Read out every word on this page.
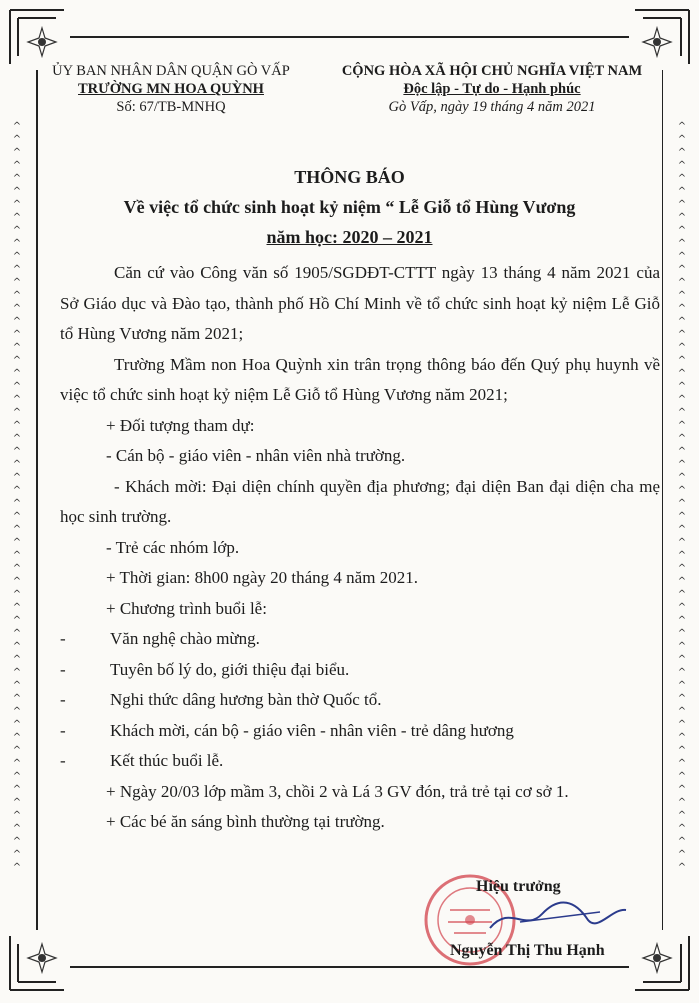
^
^
^
^
^
^
^
^
^
^
^
^
^
^
^
^
^
^
^
^
^
^
^
^
^
^
^
^
^
^
^
^
^
^
^
^
^
^
^
^
^
^
^
^
^
^
^
^
^
^
^
^
^
^
^
^
^
^

^
^
^
^
^
^
^
^
^
^
^
^
^
^
^
^
^
^
^
^
^
^
^
^
^
^
^
^
^
^
^
^
^
^
^
^
^
^
^
^
^
^
^
^
^
^
^
^
^
^
^
^
^
^
^
^
^
^

ỦY BAN NHÂN DÂN QUẬN GÒ VẤP
TRƯỜNG MN HOA QUỲNH
Số: 67/TB-MNHQ
CỘNG HÒA XÃ HỘI CHỦ NGHĨA VIỆT NAM
Độc lập - Tự do - Hạnh phúc
Gò Vấp, ngày 19 tháng 4 năm 2021
THÔNG BÁO
Về việc tổ chức sinh hoạt kỷ niệm “ Lễ Giỗ tổ Hùng Vương
năm học: 2020 – 2021

Căn cứ vào Công văn số 1905/SGDĐT-CTTT ngày 13 tháng 4 năm 2021 của Sở Giáo dục và Đào tạo, thành phố Hồ Chí Minh về tổ chức sinh hoạt kỷ niệm Lễ Giỗ tổ Hùng Vương năm 2021;

Trường Mầm non Hoa Quỳnh xin trân trọng thông báo đến Quý phụ huynh về việc tổ chức sinh hoạt kỷ niệm Lễ Giỗ tổ Hùng Vương năm 2021;

+ Đối tượng tham dự:

- Cán bộ - giáo viên - nhân viên nhà trường.

- Khách mời: Đại diện chính quyền địa phương; đại diện Ban đại diện cha mẹ học sinh trường.

- Trẻ các nhóm lớp.

+ Thời gian: 8h00 ngày 20 tháng 4 năm 2021.

+ Chương trình buổi lễ:

-	Văn nghệ chào mừng.
-	Tuyên bố lý do, giới thiệu đại biểu.
-	Nghi thức dâng hương bàn thờ Quốc tổ.
-	Khách mời, cán bộ - giáo viên - nhân viên - trẻ dâng hương
-	Kết thúc buổi lễ.

+ Ngày 20/03 lớp mầm 3, chồi 2 và Lá 3 GV đón, trả trẻ tại cơ sở 1.

+ Các bé ăn sáng bình thường tại trường.

Hiệu trưởng
Nguyễn Thị Thu Hạnh
